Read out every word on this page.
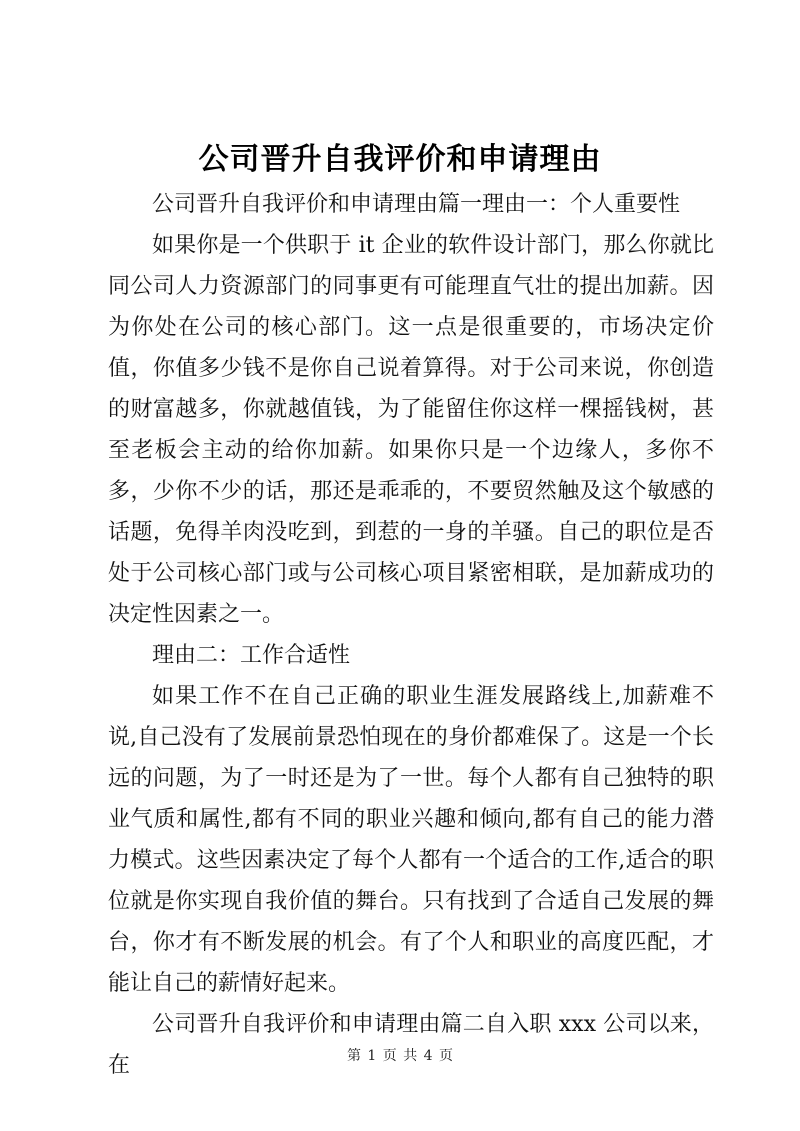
公司晋升自我评价和申请理由

公司晋升自我评价和申请理由篇一理由一：个人重要性

如果你是一个供职于 it 企业的软件设计部门，那么你就比同公司人力资源部门的同事更有可能理直气壮的提出加薪。因为你处在公司的核心部门。这一点是很重要的，市场决定价值，你值多少钱不是你自己说着算得。对于公司来说，你创造的财富越多，你就越值钱，为了能留住你这样一棵摇钱树，甚至老板会主动的给你加薪。如果你只是一个边缘人，多你不多，少你不少的话，那还是乖乖的，不要贸然触及这个敏感的话题，免得羊肉没吃到，到惹的一身的羊骚。自己的职位是否处于公司核心部门或与公司核心项目紧密相联，是加薪成功的决定性因素之一。

理由二：工作合适性

如果工作不在自己正确的职业生涯发展路线上,加薪难不说,自己没有了发展前景恐怕现在的身价都难保了。这是一个长远的问题，为了一时还是为了一世。每个人都有自己独特的职业气质和属性,都有不同的职业兴趣和倾向,都有自己的能力潜力模式。这些因素决定了每个人都有一个适合的工作,适合的职位就是你实现自我价值的舞台。只有找到了合适自己发展的舞台，你才有不断发展的机会。有了个人和职业的高度匹配，才能让自己的薪情好起来。

公司晋升自我评价和申请理由篇二自入职 xxx 公司以来，在	第 1 页 共 4 页
